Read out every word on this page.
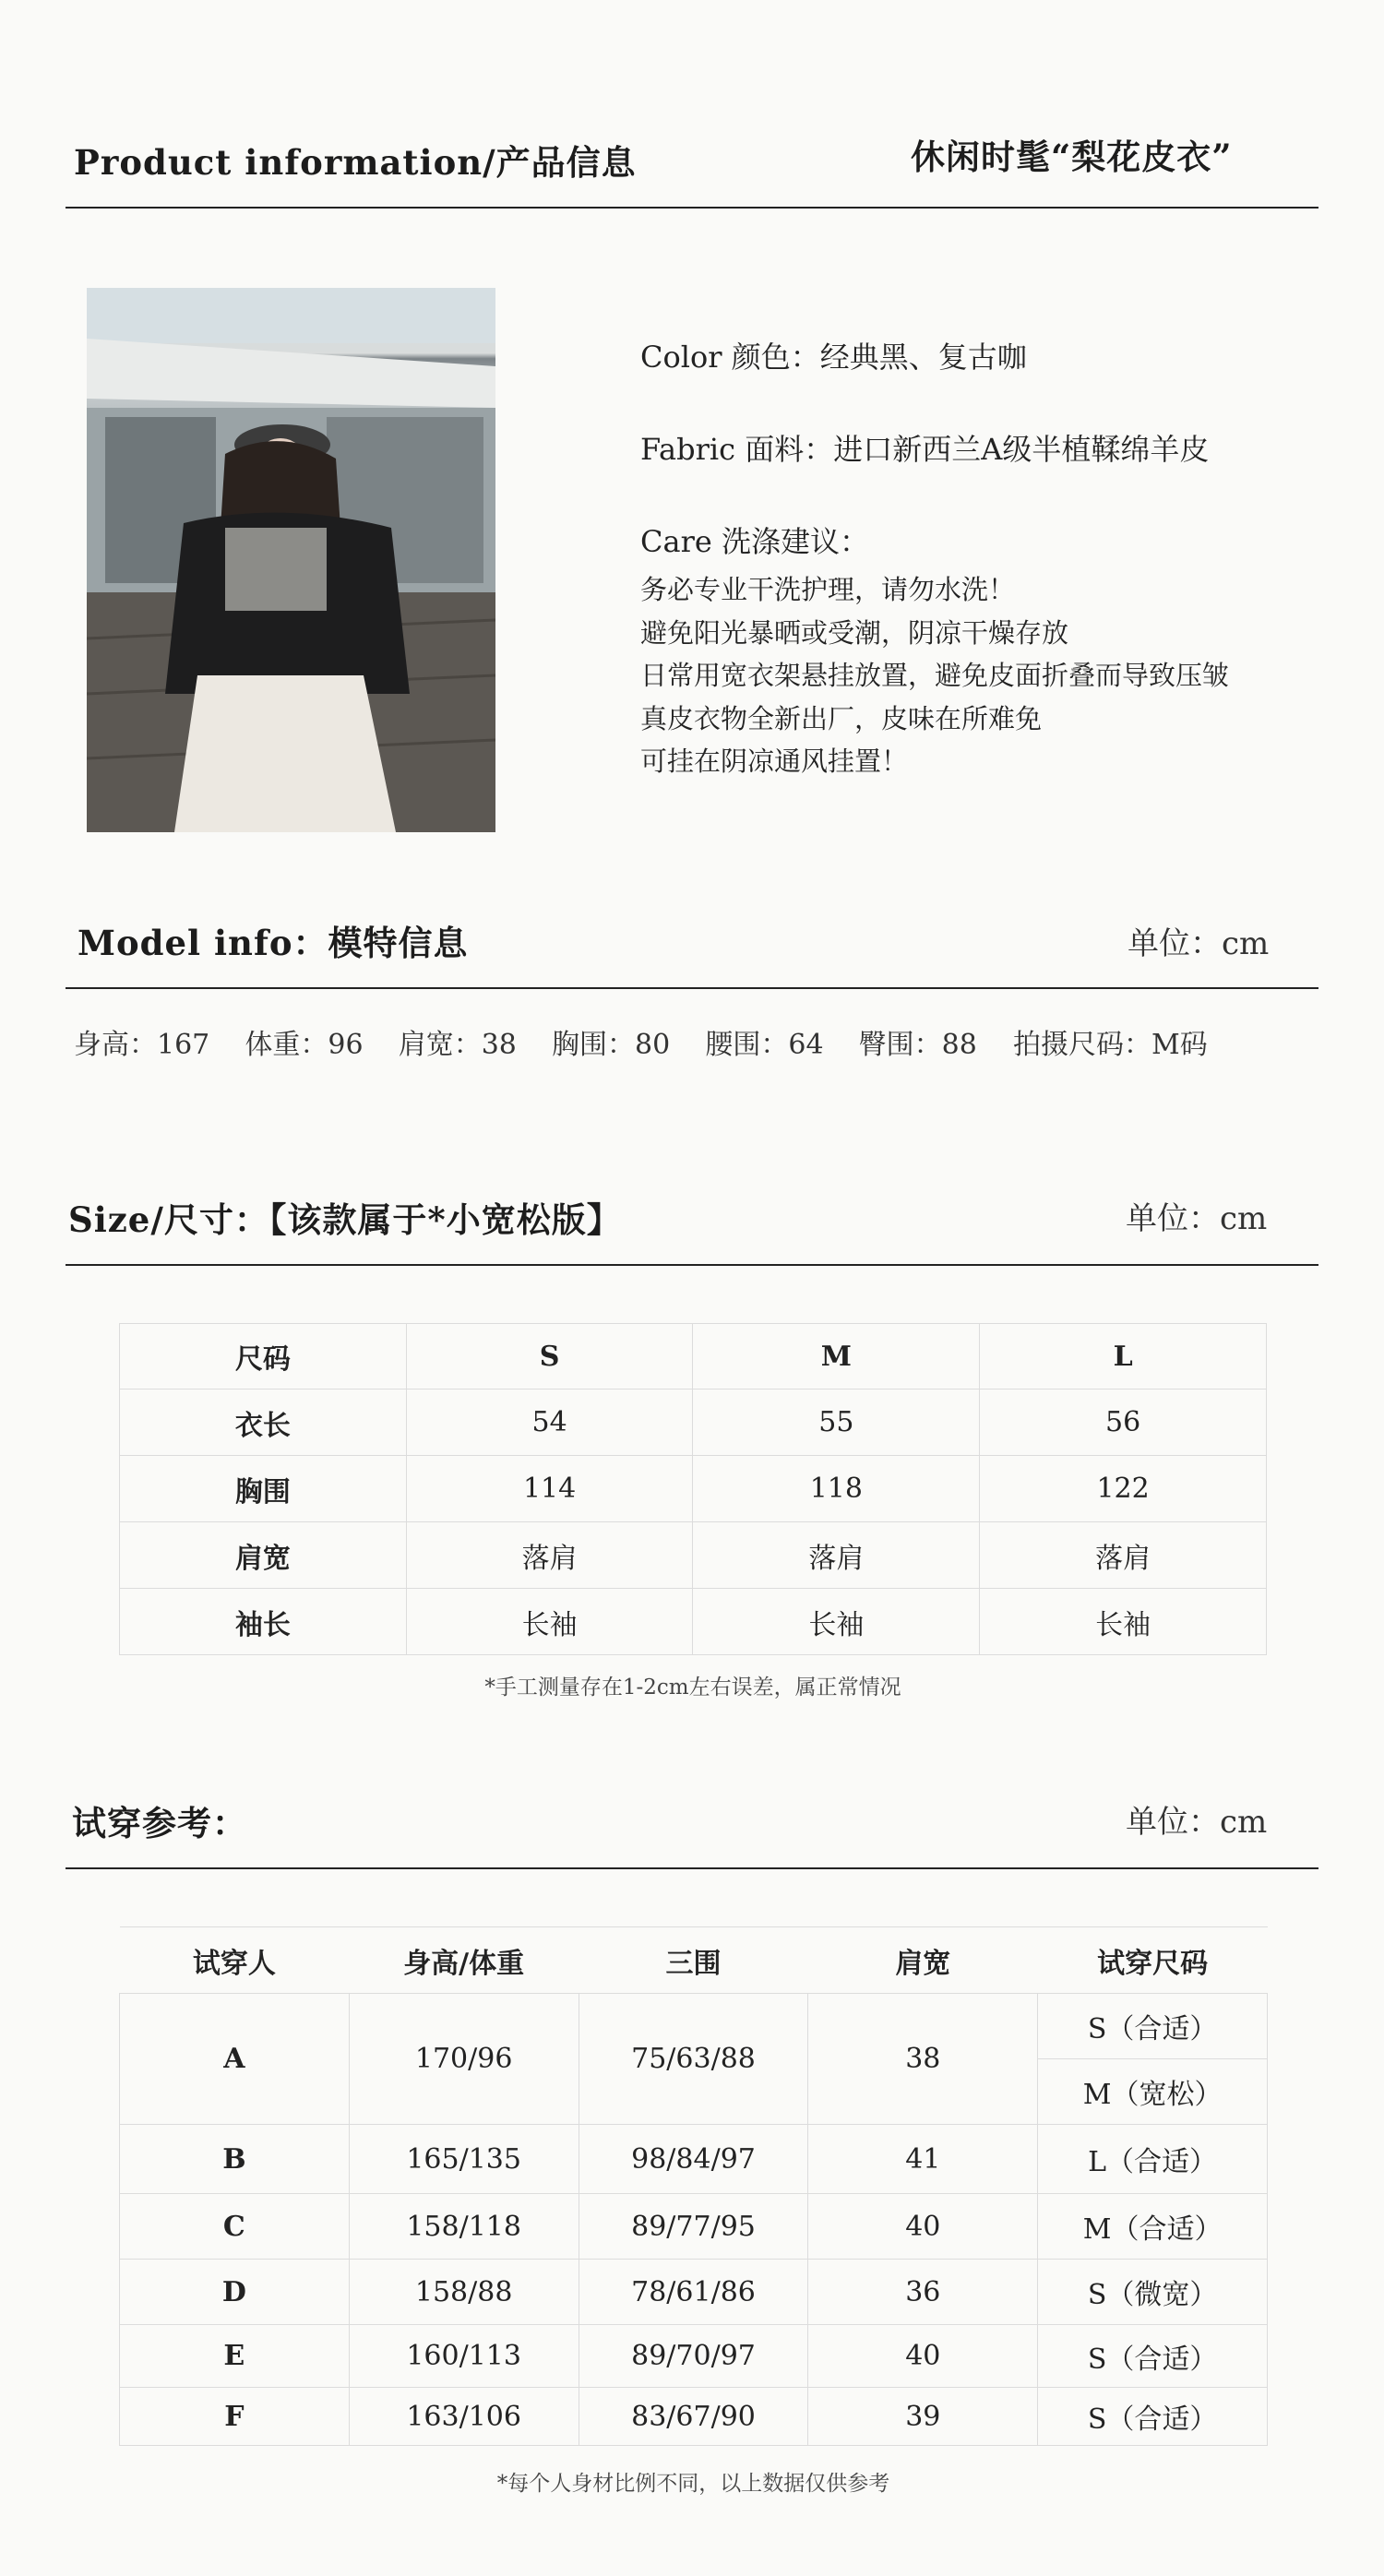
Product information/产品信息	休闲时髦“梨花皮衣”
Color 颜色：经典黑、复古咖
Fabric 面料：进口新西兰A级半植鞣绵羊皮
Care 洗涤建议：
务必专业干洗护理，请勿水洗！
避免阳光暴晒或受潮，阴凉干燥存放
日常用宽衣架悬挂放置，避免皮面折叠而导致压皱
真皮衣物全新出厂，皮味在所难免
可挂在阴凉通风挂置！
Model info：模特信息	单位：cm
身高：167    体重：96    肩宽：38    胸围：80    腰围：64    臀围：88 拍摄尺码：M码
Size/尺寸：【该款属于*小宽松版】	单位：cm
尺码	S	M	L
衣长	54	55	56
胸围	114	118	122
肩宽	落肩	落肩	落肩
袖长	长袖	长袖	长袖
*手工测量存在1-2cm左右误差，属正常情况
试穿参考：	单位：cm
试穿人	身高/体重	三围	肩宽	试穿尺码
A	170/96	75/63/88	38	S（合适）
				M（宽松）
B	165/135	98/84/97	41	L（合适）
C	158/118	89/77/95	40	M（合适）
D	158/88	78/61/86	36	S（微宽）
E	160/113	89/70/97	40	S（合适）
F	163/106	83/67/90	39	S（合适）
*每个人身材比例不同，以上数据仅供参考
